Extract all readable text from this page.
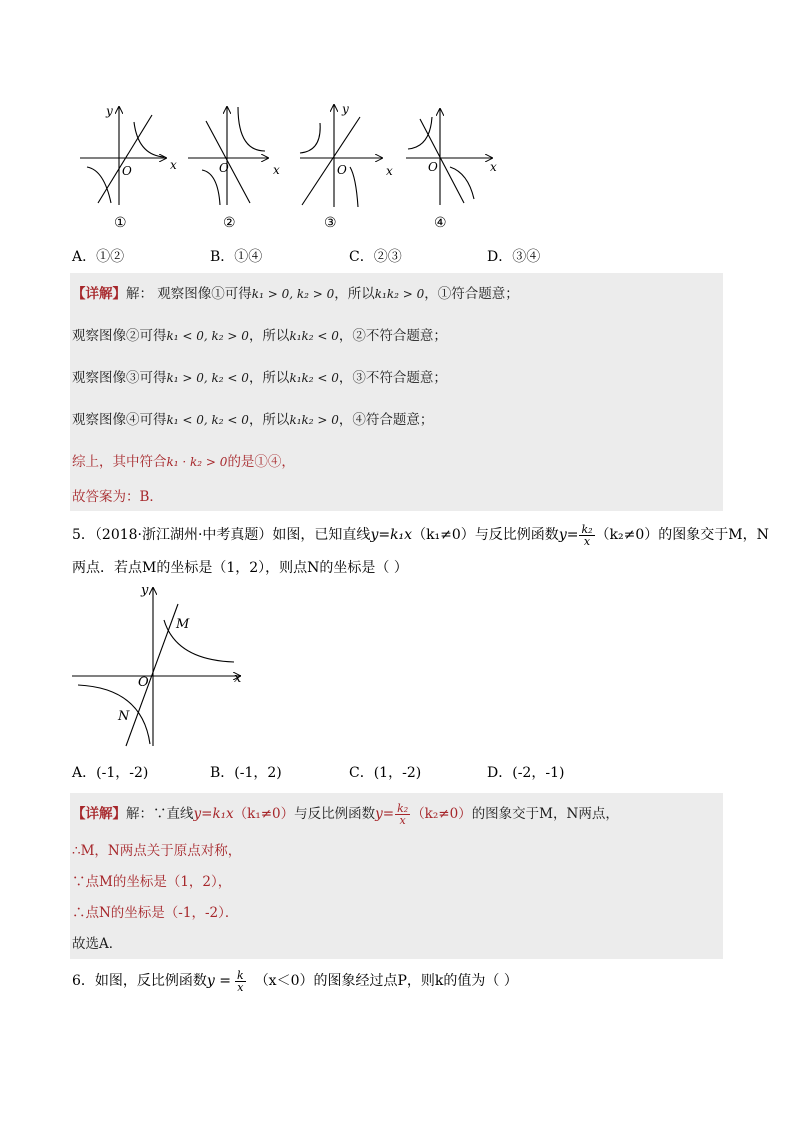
y
x
O
①
x
O
②
y
x
O
③
x
O
④
A．①②	B．①④	C．②③	D．③④
【详解】解： 观察图像①可得k₁ > 0, k₂ > 0，所以k₁k₂ > 0，①符合题意；
观察图像②可得k₁ < 0, k₂ > 0，所以k₁k₂ < 0，②不符合题意；
观察图像③可得k₁ > 0, k₂ < 0，所以k₁k₂ < 0，③不符合题意；
观察图像④可得k₁ < 0, k₂ < 0，所以k₁k₂ > 0，④符合题意；
综上，其中符合k₁ · k₂ > 0的是①④，
故答案为：B．
5．（2018·浙江湖州·中考真题）如图，已知直线 y=k₁x （k₁≠0） 与反比例函数 $y= \frac{\text{k₂}}{x} (k_2\ne 0)$ 的图象交于M，N
两点．若点M的坐标是（1，2），则点N的坐标是（ ）
y
x
O
M
N
A．(-1，-2)	B．(-1，2)	C．(1，-2)	D．(-2，-1)
【详解】 解：∵直线 y=k₁x （k₁≠0） 与反比例函数 $y= \frac{\text{k₂}}{x} (k_2\ne 0)$ 的图象交于M，N两点，
∴M，N两点关于原点对称，
∵点M的坐标是（1，2），
∴点N的坐标是（-1，-2）．
故选A．
6．如图，反比例函数 $y = \frac{k}{x} (x<0)$的图象经过点P，则k的值为（ ）
